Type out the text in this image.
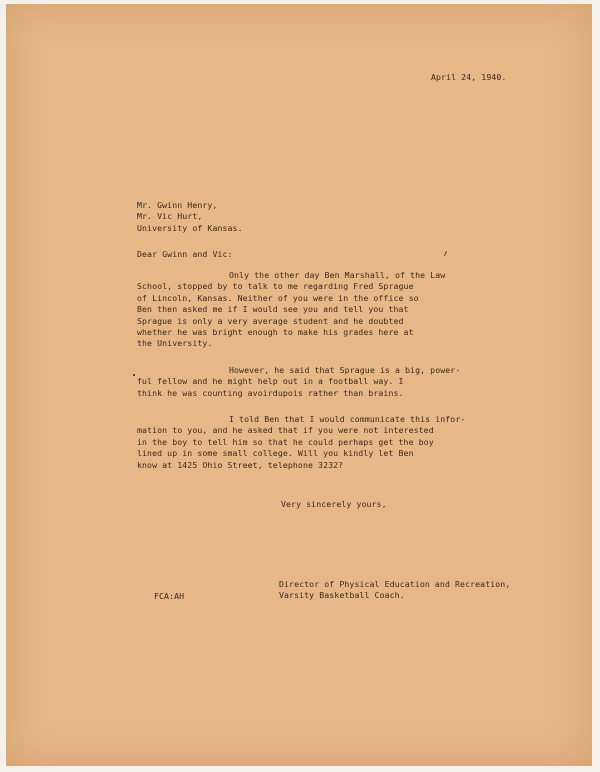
April 24, 1940.

Mr. Gwinn Henry,
Mr. Vic Hurt,
University of Kansas.

Dear Gwinn and Vic:

Only the other day Ben Marshall, of the Law
School, stopped by to talk to me regarding Fred Sprague
of Lincoln, Kansas. Neither of you were in the office so
Ben then asked me if I would see you and tell you that
Sprague is only a very average student and he doubted
whether he was bright enough to make his grades here at
the University.
However, he said that Sprague is a big, power-
ful fellow and he might help out in a football way. I
think he was counting avoirdupois rather than brains.
I told Ben that I would communicate this infor-
mation to you, and he asked that if you were not interested
in the boy to tell him so that he could perhaps get the boy
lined up in some small college. Will you kindly let Ben
know at 1425 Ohio Street, telephone 3232?

Very sincerely yours,

Director of Physical Education and Recreation,
Varsity Basketball Coach.

FCA:AH
